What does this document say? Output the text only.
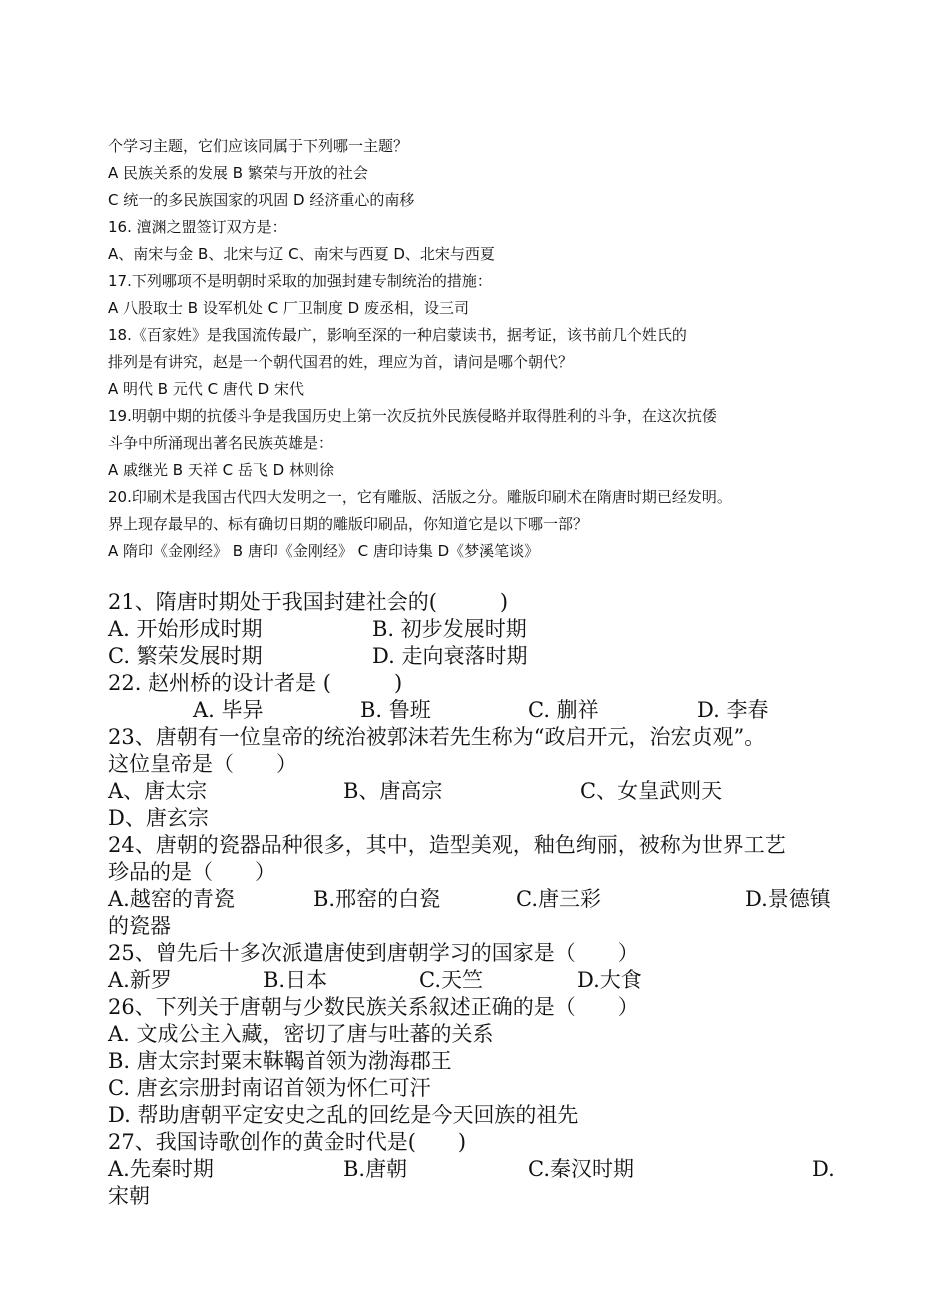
个学习主题，它们应该同属于下列哪一主题？
A 民族关系的发展 B 繁荣与开放的社会
C 统一的多民族国家的巩固 D 经济重心的南移
16. 澶渊之盟签订双方是：
A、南宋与金 B、北宋与辽 C、南宋与西夏 D、北宋与西夏
17.下列哪项不是明朝时采取的加强封建专制统治的措施：
A 八股取士 B 设军机处 C 厂卫制度 D 废丞相，设三司
18.《百家姓》是我国流传最广，影响至深的一种启蒙读书，据考证，该书前几个姓氏的
排列是有讲究，赵是一个朝代国君的姓，理应为首，请问是哪个朝代？
A 明代 B 元代 C 唐代 D 宋代
19.明朝中期的抗倭斗争是我国历史上第一次反抗外民族侵略并取得胜利的斗争，在这次抗倭
斗争中所涌现出著名民族英雄是：
A 戚继光 B 天祥 C 岳飞 D 林则徐
20.印刷术是我国古代四大发明之一，它有雕版、活版之分。雕版印刷术在隋唐时期已经发明。
界上现存最早的、标有确切日期的雕版印刷品，你知道它是以下哪一部？
A 隋印《金刚经》 B 唐印《金刚经》 C 唐印诗集 D《梦溪笔谈》
21、隋唐时期处于我国封建社会的(　　　)
A. 开始形成时期	B. 初步发展时期
C. 繁荣发展时期	D. 走向衰落时期
22. 赵州桥的设计者是 (　　　)
A. 毕异	B. 鲁班	C. 蒯祥	D. 李春
23、唐朝有一位皇帝的统治被郭沫若先生称为“政启开元，治宏贞观”。
这位皇帝是（　　）
A、唐太宗	B、唐高宗	C、女皇武则天
D、唐玄宗
24、唐朝的瓷器品种很多，其中，造型美观，釉色绚丽，被称为世界工艺
珍品的是（　　）
A.越窑的青瓷	B.邢窑的白瓷	C.唐三彩	D.景德镇
的瓷器
25、曾先后十多次派遣唐使到唐朝学习的国家是（　　）
A.新罗	B.日本	C.天竺	D.大食
26、下列关于唐朝与少数民族关系叙述正确的是（　　）
A. 文成公主入藏，密切了唐与吐蕃的关系
B. 唐太宗封粟末靺鞨首领为渤海郡王
C. 唐玄宗册封南诏首领为怀仁可汗
D. 帮助唐朝平定安史之乱的回纥是今天回族的祖先
27、我国诗歌创作的黄金时代是(　　)
A.先秦时期	B.唐朝	C.秦汉时期	D.
宋朝
